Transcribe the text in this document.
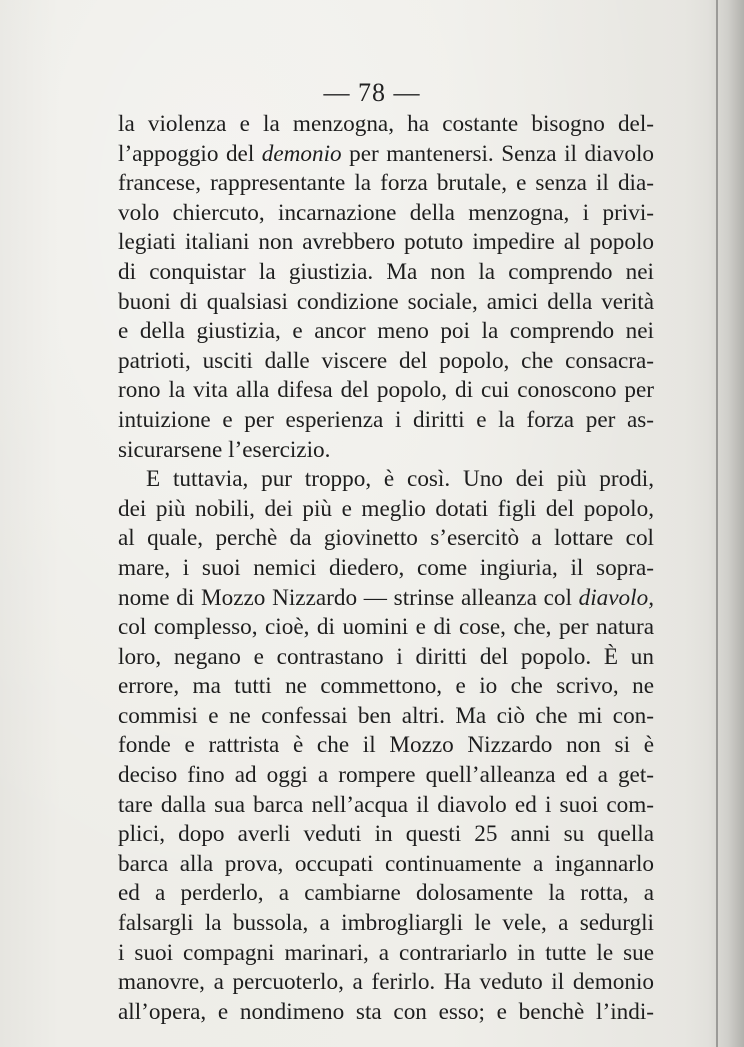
— 78 —
la violenza e la menzogna, ha costante bisogno del-
l’appoggio del demonio per mantenersi. Senza il diavolo
francese, rappresentante la forza brutale, e senza il dia-
volo chiercuto, incarnazione della menzogna, i privi-
legiati italiani non avrebbero potuto impedire al popolo
di conquistar la giustizia. Ma non la comprendo nei
buoni di qualsiasi condizione sociale, amici della verità
e della giustizia, e ancor meno poi la comprendo nei
patrioti, usciti dalle viscere del popolo, che consacra-
rono la vita alla difesa del popolo, di cui conoscono per
intuizione e per esperienza i diritti e la forza per as-
sicurarsene l’esercizio.
E tuttavia, pur troppo, è così. Uno dei più prodi,
dei più nobili, dei più e meglio dotati figli del popolo,
al quale, perchè da giovinetto s’esercitò a lottare col
mare, i suoi nemici diedero, come ingiuria, il sopra-
nome di Mozzo Nizzardo — strinse alleanza col diavolo,
col complesso, cioè, di uomini e di cose, che, per natura
loro, negano e contrastano i diritti del popolo. È un
errore, ma tutti ne commettono, e io che scrivo, ne
commisi e ne confessai ben altri. Ma ciò che mi con-
fonde e rattrista è che il Mozzo Nizzardo non si è
deciso fino ad oggi a rompere quell’alleanza ed a get-
tare dalla sua barca nell’acqua il diavolo ed i suoi com-
plici, dopo averli veduti in questi 25 anni su quella
barca alla prova, occupati continuamente a ingannarlo
ed a perderlo, a cambiarne dolosamente la rotta, a
falsargli la bussola, a imbrogliargli le vele, a sedurgli
i suoi compagni marinari, a contrariarlo in tutte le sue
manovre, a percuoterlo, a ferirlo. Ha veduto il demonio
all’opera, e nondimeno sta con esso; e benchè l’indi-
